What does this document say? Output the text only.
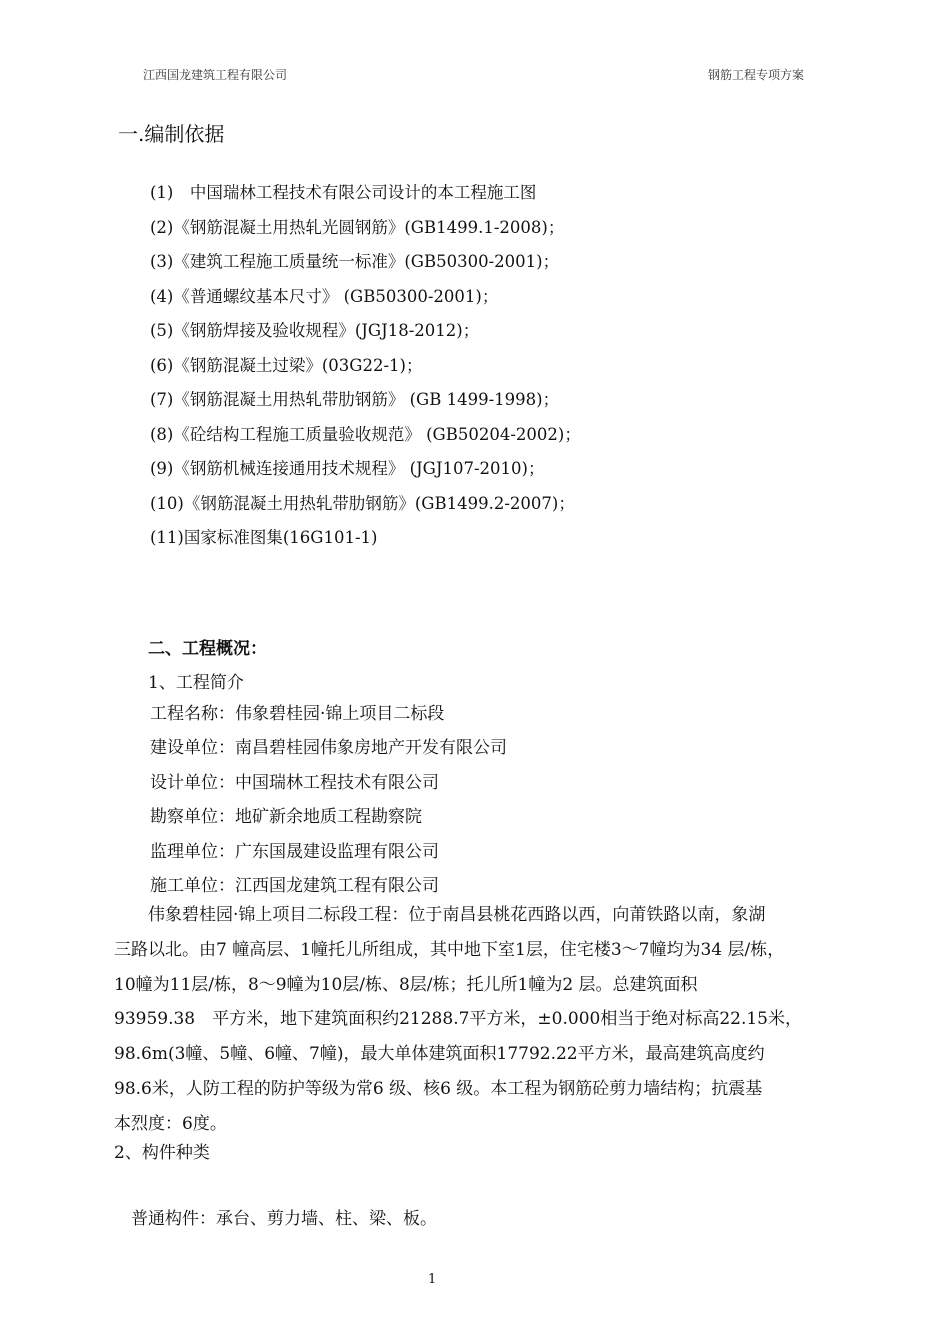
江西国龙建筑工程有限公司	钢筋工程专项方案
一.编制依据
(1)　中国瑞林工程技术有限公司设计的本工程施工图
(2)《钢筋混凝土用热轧光圆钢筋》(GB1499.1-2008)；
(3)《建筑工程施工质量统一标准》(GB50300-2001)；
(4)《普通螺纹基本尺寸》 (GB50300-2001)；
(5)《钢筋焊接及验收规程》(JGJ18-2012)；
(6)《钢筋混凝土过梁》(03G22-1)；
(7)《钢筋混凝土用热轧带肋钢筋》 (GB 1499-1998)；
(8)《砼结构工程施工质量验收规范》 (GB50204-2002)；
(9)《钢筋机械连接通用技术规程》 (JGJ107-2010)；
(10)《钢筋混凝土用热轧带肋钢筋》(GB1499.2-2007)；
(11)国家标准图集(16G101-1)
二、工程概况：
1、工程简介
工程名称：伟象碧桂园·锦上项目二标段
建设单位：南昌碧桂园伟象房地产开发有限公司
设计单位：中国瑞林工程技术有限公司
勘察单位：地矿新余地质工程勘察院
监理单位：广东国晟建设监理有限公司
施工单位：江西国龙建筑工程有限公司
　　伟象碧桂园·锦上项目二标段工程：位于南昌县桃花西路以西，向莆铁路以南，象湖
三路以北。由7 幢高层、1幢托儿所组成，其中地下室1层，住宅楼3～7幢均为34 层/栋，
10幢为11层/栋，8～9幢为10层/栋、8层/栋；托儿所1幢为2 层。总建筑面积
93959.38　平方米，地下建筑面积约21288.7平方米，±0.000相当于绝对标高22.15米，
98.6m(3幢、5幢、6幢、7幢)，最大单体建筑面积17792.22平方米，最高建筑高度约
98.6米，人防工程的防护等级为常6 级、核6 级。本工程为钢筋砼剪力墙结构；抗震基
本烈度：6度。
2、构件种类
普通构件：承台、剪力墙、柱、梁、板。
1
